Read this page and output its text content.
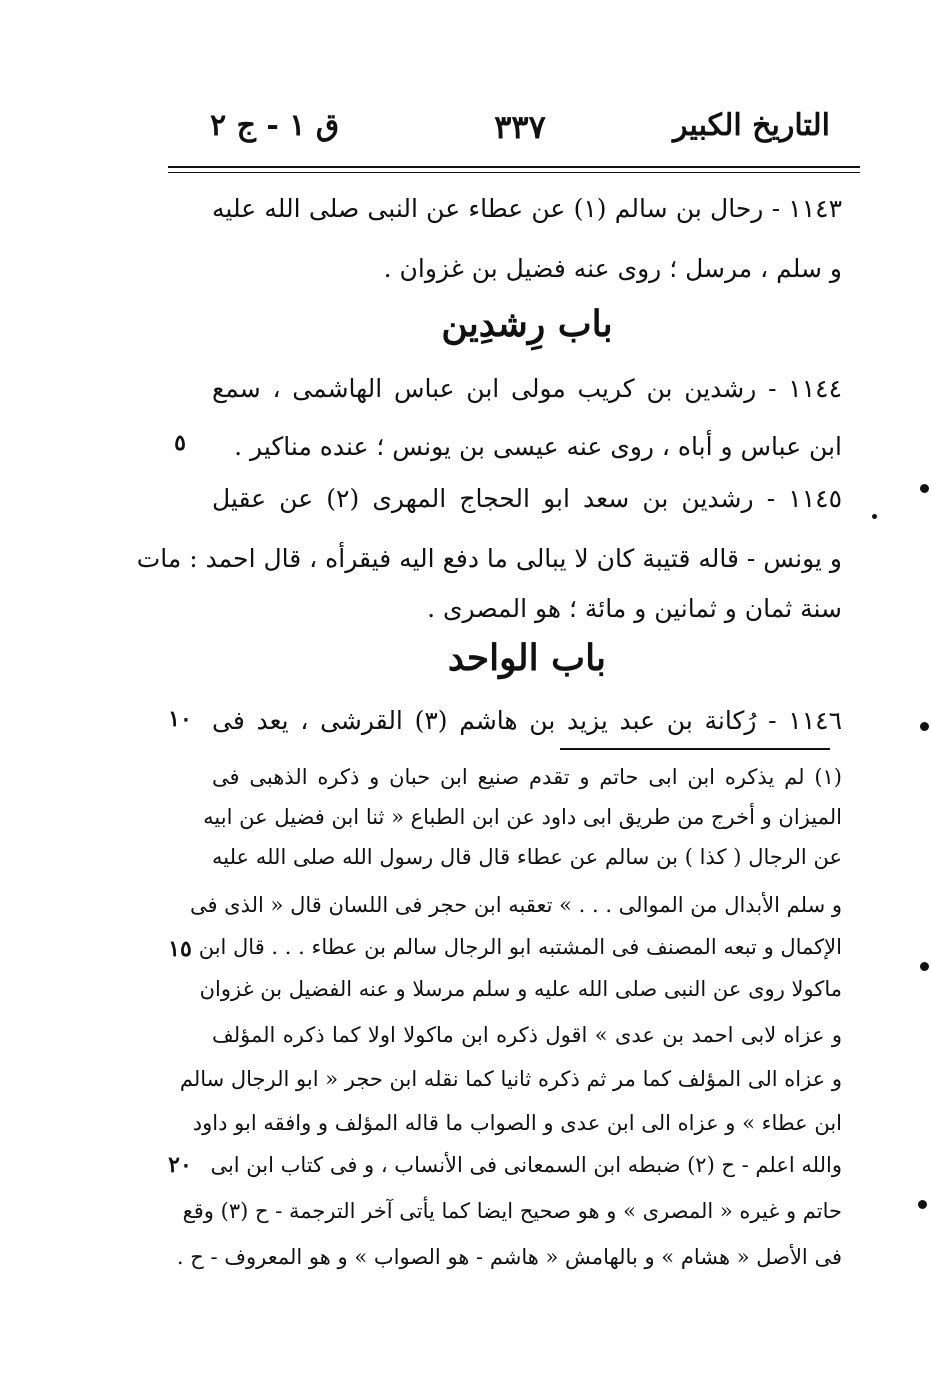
التاريخ الكبير
٣٣٧
ق ١ - ج ٢
١١٤٣ - رحال بن سالم (١) عن عطاء عن النبى صلى الله عليه
و سلم ، مرسل ؛ روى عنه فضيل بن غزوان .
باب رِشدِين
١١٤٤ - رشدين بن كريب مولى ابن عباس الهاشمى ، سمع
ابن عباس و أباه ، روى عنه عيسى بن يونس ؛ عنده مناكير .
٥
١١٤٥ - رشدين بن سعد ابو الحجاج المهرى (٢) عن عقيل
و يونس - قاله قتيبة كان لا يبالى ما دفع اليه فيقرأه ، قال احمد : مات
سنة ثمان و ثمانين و مائة ؛ هو المصرى .
باب الواحد
١١٤٦ - رُكانة بن عبد يزيد بن هاشم (٣) القرشى ، يعد فى
١٠
(١) لم يذكره ابن ابى حاتم و تقدم صنيع ابن حبان و ذكره الذهبى فى
الميزان و أخرج من طريق ابى داود عن ابن الطباع « ثنا ابن فضيل عن ابيه
عن الرجال ( كذا ) بن سالم عن عطاء قال قال رسول الله صلى الله عليه
و سلم الأبدال من الموالى . . . » تعقبه ابن حجر فى اللسان قال « الذى فى
الإكمال و تبعه المصنف فى المشتبه ابو الرجال سالم بن عطاء . . . قال ابن
١٥
ماكولا روى عن النبى صلى الله عليه و سلم مرسلا و عنه الفضيل بن غزوان
و عزاه لابى احمد بن عدى » اقول ذكره ابن ماكولا اولا كما ذكره المؤلف
و عزاه الى المؤلف كما مر ثم ذكره ثانيا كما نقله ابن حجر « ابو الرجال سالم
ابن عطاء » و عزاه الى ابن عدى و الصواب ما قاله المؤلف و وافقه ابو داود
والله اعلم - ح (٢) ضبطه ابن السمعانى فى الأنساب ، و فى كتاب ابن ابى
٢٠
حاتم و غيره « المصرى » و هو صحيح ايضا كما يأتى آخر الترجمة - ح (٣) وقع
فى الأصل « هشام » و بالهامش « هاشم - هو الصواب » و هو المعروف - ح .
